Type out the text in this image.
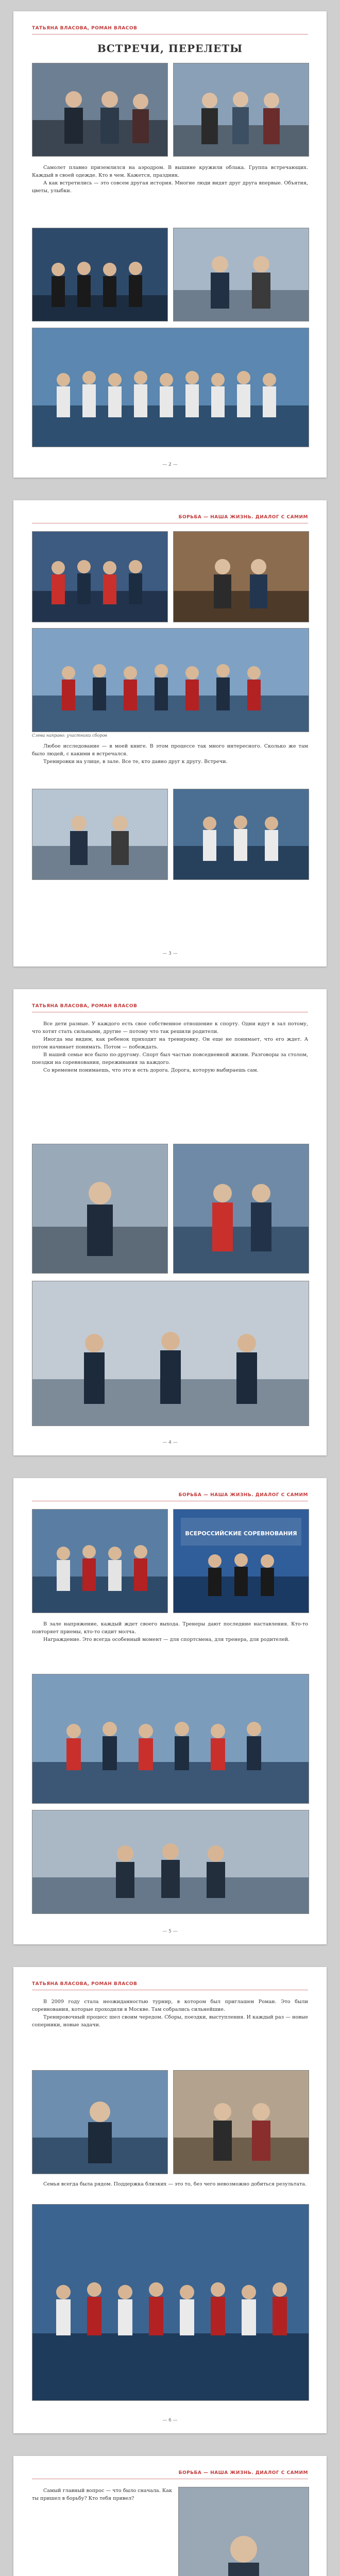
ТАТЬЯНА ВЛАСОВА, РОМАН ВЛАСОВ
ВСТРЕЧИ, ПЕРЕЛЕТЫ

Самолет плавно приземлился на аэродром. В вышине кружили облака. Группа встречающих. Каждый в своей одежде. Кто в чем. Кажется, праздник.

А как встретились — это совсем другая история. Многие люди видят друг друга впервые. Объятия, цветы, улыбки.

— 2 —
БОРЬБА — НАША ЖИЗНЬ. ДИАЛОГ С САМИМ
Слева направо: участники сборов

Любое исследование — в моей книге. В этом процессе так много интересного. Сколько же там было людей, с какими я встречался.

Тренировки на улице, в зале. Все те, кто давно друг к другу. Встречи.

— 3 —
ТАТЬЯНА ВЛАСОВА, РОМАН ВЛАСОВ

Все дети разные. У каждого есть свое собственное отношение к спорту. Одни идут в зал потому, что хотят стать сильными, другие — потому что так решили родители.

Иногда мы видим, как ребенок приходит на тренировку. Он еще не понимает, что его ждет. А потом начинает понимать. Потом — побеждать.

В нашей семье все было по-другому. Спорт был частью повседневной жизни. Разговоры за столом, поездки на соревнования, переживания за каждого.

Со временем понимаешь, что это и есть дорога. Дорога, которую выбираешь сам.

— 4 —
БОРЬБА — НАША ЖИЗНЬ. ДИАЛОГ С САМИМ
ВСЕРОССИЙСКИЕ СОРЕВНОВАНИЯ

В зале напряжение, каждый ждет своего выхода. Тренеры дают последние наставления. Кто-то повторяет приемы, кто-то сидит молча.

Награждение. Это всегда особенный момент — для спортсмена, для тренера, для родителей.

— 5 —
ТАТЬЯНА ВЛАСОВА, РОМАН ВЛАСОВ

В 2009 году стала неожиданностью турнир, в котором был приглашен Роман. Это были соревнования, которые проходили в Москве. Там собрались сильнейшие.

Тренировочный процесс шел своим чередом. Сборы, поездки, выступления. И каждый раз — новые соперники, новые задачи.

Семья всегда была рядом. Поддержка близких — это то, без чего невозможно добиться результата.

— 6 —
БОРЬБА — НАША ЖИЗНЬ. ДИАЛОГ С САМИМ

Самый главный вопрос — что было сначала. Как ты пришел в борьбу? Кто тебя привел?
